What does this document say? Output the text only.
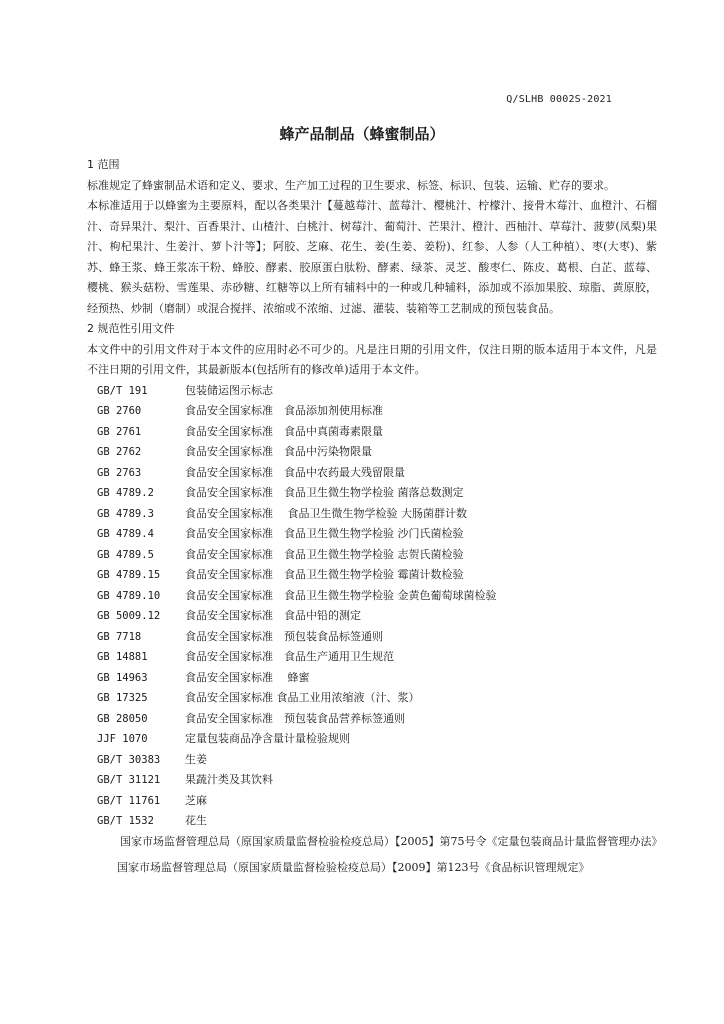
Q/SLHB 0002S-2021
蜂产品制品（蜂蜜制品）
1 范围
标准规定了蜂蜜制品术语和定义、要求、生产加工过程的卫生要求、标签、标识、包装、运输、贮存的要求。
本标准适用于以蜂蜜为主要原料，配以各类果汁【蔓越莓汁、蓝莓汁、樱桃汁、柠檬汁、接骨木莓汁、血橙汁、石榴汁、奇异果汁、梨汁、百香果汁、山楂汁、白桃汁、树莓汁、葡萄汁、芒果汁、橙汁、西柚汁、草莓汁、菠萝(凤梨)果汁、枸杞果汁、生姜汁、萝卜汁等】；阿胶、芝麻、花生、姜(生姜、姜粉)、红参、人参（人工种植）、枣(大枣)、紫苏、蜂王浆、蜂王浆冻干粉、蜂胶、酵素、胶原蛋白肽粉、酵素、绿茶、灵芝、酸枣仁、陈皮、葛根、白芷、蓝莓、樱桃、猴头菇粉、雪莲果、赤砂糖、红糖等以上所有辅料中的一种或几种辅料，添加或不添加果胶、琼脂、黄原胶，经预热、炒制（磨制）或混合搅拌、浓缩或不浓缩、过滤、灌装、装箱等工艺制成的预包装食品。
2 规范性引用文件
本文件中的引用文件对于本文件的应用时必不可少的。凡是注日期的引用文件，仅注日期的版本适用于本文件，凡是不注日期的引用文件，其最新版本(包括所有的修改单)适用于本文件。
GB/T 191	包装储运图示标志
GB 2760	食品安全国家标准　食品添加剂使用标准
GB 2761	食品安全国家标准　食品中真菌毒素限量
GB 2762	食品安全国家标准　食品中污染物限量
GB 2763	食品安全国家标准　食品中农药最大残留限量
GB 4789.2	食品安全国家标准　食品卫生微生物学检验 菌落总数测定
GB 4789.3	食品安全国家标准　 食品卫生微生物学检验 大肠菌群计数
GB 4789.4	食品安全国家标准　食品卫生微生物学检验 沙门氏菌检验
GB 4789.5	食品安全国家标准　食品卫生微生物学检验 志贺氏菌检验
GB 4789.15	食品安全国家标准　食品卫生微生物学检验 霉菌计数检验
GB 4789.10	食品安全国家标准　食品卫生微生物学检验 金黄色葡萄球菌检验
GB 5009.12	食品安全国家标准　食品中铅的测定
GB 7718	食品安全国家标准　预包装食品标签通则
GB 14881	食品安全国家标准　食品生产通用卫生规范
GB 14963	食品安全国家标准　 蜂蜜
GB 17325	食品安全国家标准 食品工业用浓缩液（汁、浆）
GB 28050	食品安全国家标准　预包装食品营养标签通则
JJF 1070	定量包装商品净含量计量检验规则
GB/T 30383	生姜
GB/T 31121	果蔬汁类及其饮料
GB/T 11761	芝麻
GB/T 1532	花生
国家市场监督管理总局（原国家质量监督检验检疫总局）【2005】第75号令《定量包装商品计量监督管理办法》
国家市场监督管理总局（原国家质量监督检验检疫总局）【2009】第123号《食品标识管理规定》
